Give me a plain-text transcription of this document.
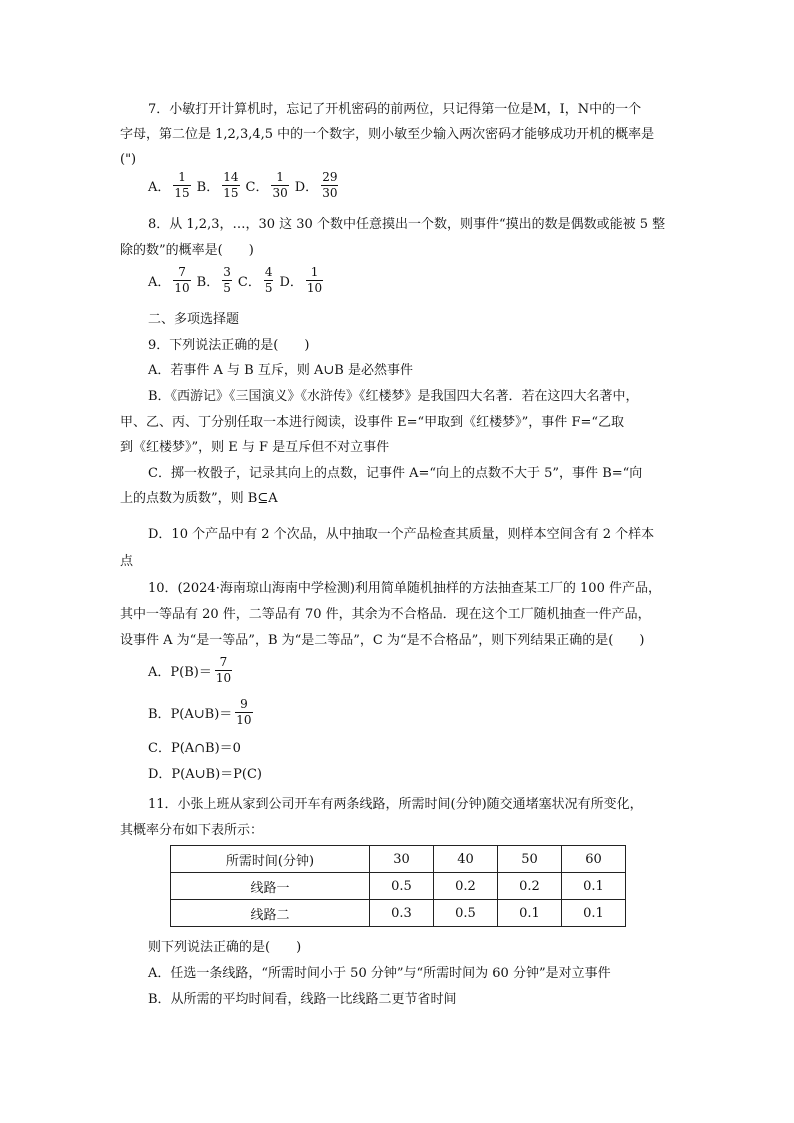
7．小敏打开计算机时，忘记了开机密码的前两位，只记得第一位是M，I，N中的一个
字母，第二位是 1,2,3,4,5 中的一个数字，则小敏至少输入两次密码才能够成功开机的概率是
(")
A． $\frac{1}{15}$ B． $\frac{14}{15}$ C． $\frac{1}{30}$ D． $\frac{29}{30}$
8．从 1,2,3，…，30 这 30 个数中任意摸出一个数，则事件“摸出的数是偶数或能被 5 整
除的数”的概率是(　　)
A． $\frac{7}{10}$ B． $\frac{3}{5}$ C． $\frac{4}{5}$ D． $\frac{1}{10}$
二、多项选择题
9．下列说法正确的是(　　)
A．若事件 A 与 B 互斥，则 A∪B 是必然事件
B．《西游记》《三国演义》《水浒传》《红楼梦》是我国四大名著．若在这四大名著中，
甲、乙、丙、丁分别任取一本进行阅读，设事件 E=“甲取到《红楼梦》”，事件 F=“乙取
到《红楼梦》”，则 E 与 F 是互斥但不对立事件
C．掷一枚骰子，记录其向上的点数，记事件 A=“向上的点数不大于 5”，事件 B=“向
上的点数为质数”，则 B⊆A
D．10 个产品中有 2 个次品，从中抽取一个产品检查其质量，则样本空间含有 2 个样本
点
10．(2024·海南琼山海南中学检测)利用简单随机抽样的方法抽查某工厂的 100 件产品，
其中一等品有 20 件，二等品有 70 件，其余为不合格品．现在这个工厂随机抽查一件产品，
设事件 A 为“是一等品”，B 为“是二等品”，C 为“是不合格品”，则下列结果正确的是(　　)
A． $P(B)= \frac{7}{10}$
B． P(A∪B)＝ $\frac{9}{10}$
C．P(A∩B)＝0
D．P(A∪B)＝P(C)
11．小张上班从家到公司开车有两条线路，所需时间(分钟)随交通堵塞状况有所变化，
其概率分布如下表所示：
所需时间(分钟)	30	40	50	60
线路一	0.5	0.2	0.2	0.1
线路二	0.3	0.5	0.1	0.1
则下列说法正确的是(　　)
A．任选一条线路，“所需时间小于 50 分钟”与“所需时间为 60 分钟”是对立事件
B．从所需的平均时间看，线路一比线路二更节省时间
